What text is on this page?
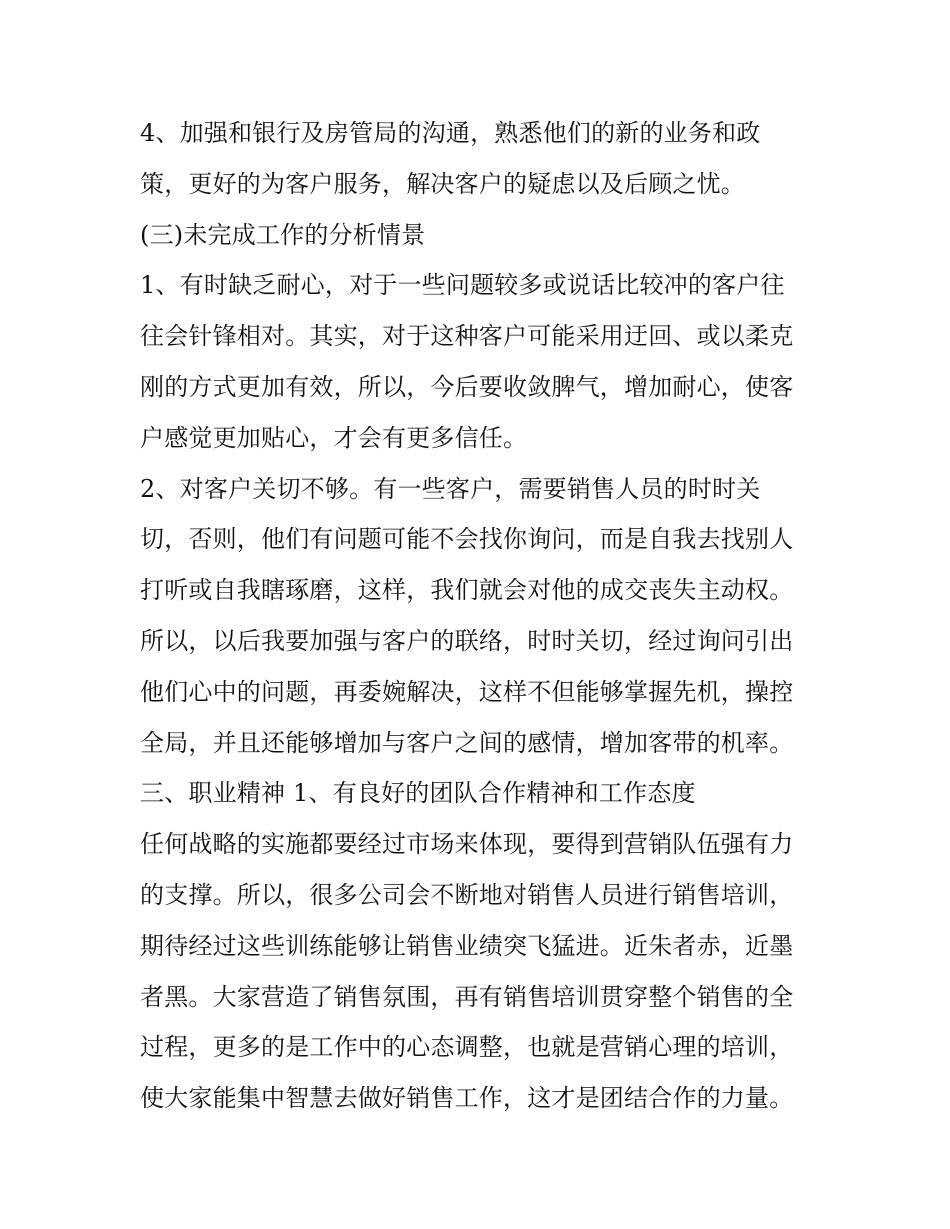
4、加强和银行及房管局的沟通，熟悉他们的新的业务和政
策，更好的为客户服务，解决客户的疑虑以及后顾之忧。
(三)未完成工作的分析情景
1、有时缺乏耐心，对于一些问题较多或说话比较冲的客户往
往会针锋相对。其实，对于这种客户可能采用迂回、或以柔克
刚的方式更加有效，所以，今后要收敛脾气，增加耐心，使客
户感觉更加贴心，才会有更多信任。
2、对客户关切不够。有一些客户，需要销售人员的时时关
切，否则，他们有问题可能不会找你询问，而是自我去找别人
打听或自我瞎琢磨，这样，我们就会对他的成交丧失主动权。
所以，以后我要加强与客户的联络，时时关切，经过询问引出
他们心中的问题，再委婉解决，这样不但能够掌握先机，操控
全局，并且还能够增加与客户之间的感情，增加客带的机率。
三、职业精神 1、有良好的团队合作精神和工作态度
任何战略的实施都要经过市场来体现，要得到营销队伍强有力
的支撑。所以，很多公司会不断地对销售人员进行销售培训，
期待经过这些训练能够让销售业绩突飞猛进。近朱者赤，近墨
者黑。大家营造了销售氛围，再有销售培训贯穿整个销售的全
过程，更多的是工作中的心态调整，也就是营销心理的培训，
使大家能集中智慧去做好销售工作，这才是团结合作的力量。
